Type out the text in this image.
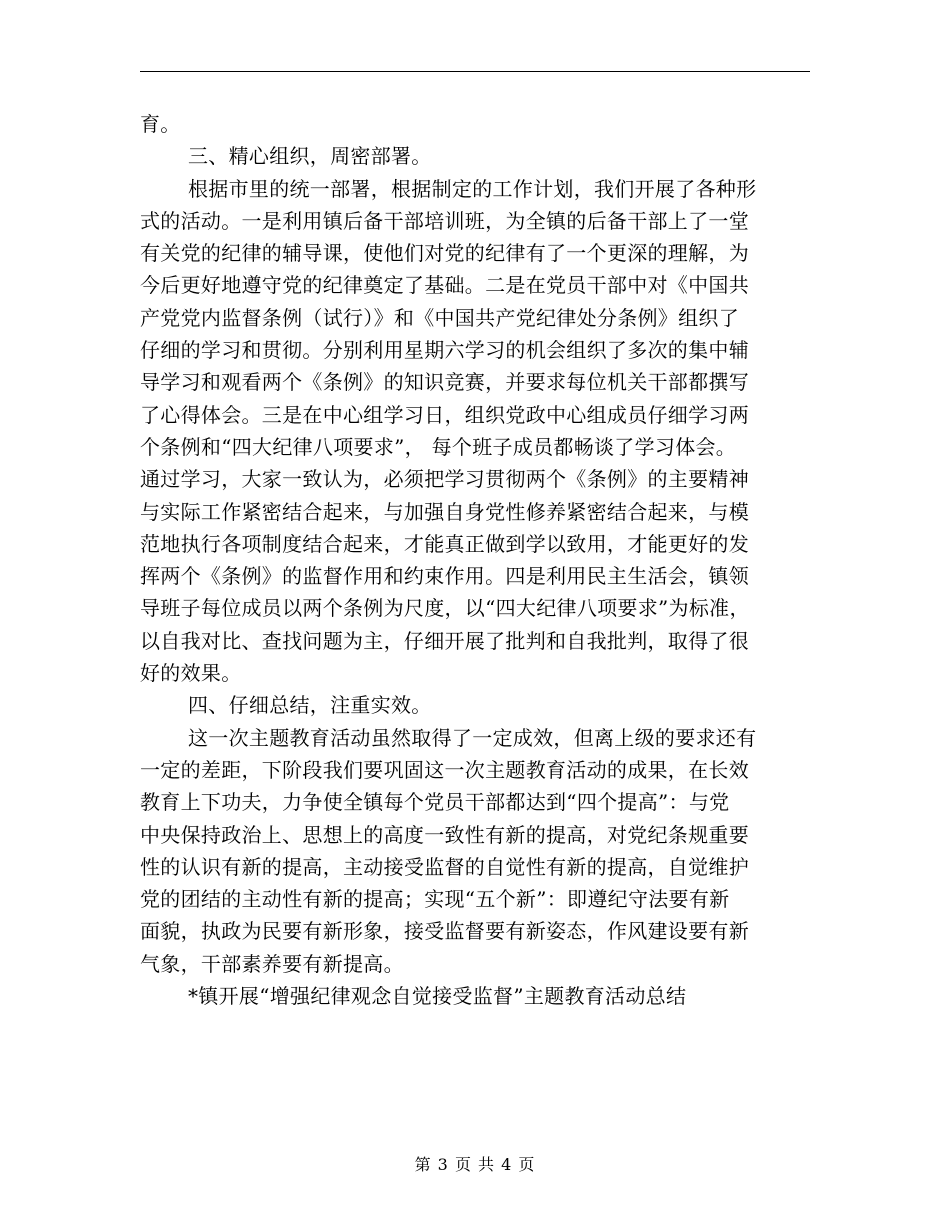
育。
三、精心组织，周密部署。
根据市里的统一部署，根据制定的工作计划，我们开展了各种形
式的活动。一是利用镇后备干部培训班，为全镇的后备干部上了一堂
有关党的纪律的辅导课，使他们对党的纪律有了一个更深的理解，为
今后更好地遵守党的纪律奠定了基础。二是在党员干部中对《中国共
产党党内监督条例（试行）》和《中国共产党纪律处分条例》组织了
仔细的学习和贯彻。分别利用星期六学习的机会组织了多次的集中辅
导学习和观看两个《条例》的知识竞赛，并要求每位机关干部都撰写
了心得体会。三是在中心组学习日，组织党政中心组成员仔细学习两
个条例和“四大纪律八项要求”， 每个班子成员都畅谈了学习体会。
通过学习，大家一致认为，必须把学习贯彻两个《条例》的主要精神
与实际工作紧密结合起来，与加强自身党性修养紧密结合起来，与模
范地执行各项制度结合起来，才能真正做到学以致用，才能更好的发
挥两个《条例》的监督作用和约束作用。四是利用民主生活会，镇领
导班子每位成员以两个条例为尺度，以“四大纪律八项要求”为标准，
以自我对比、查找问题为主，仔细开展了批判和自我批判，取得了很
好的效果。
四、仔细总结，注重实效。
这一次主题教育活动虽然取得了一定成效，但离上级的要求还有
一定的差距，下阶段我们要巩固这一次主题教育活动的成果，在长效
教育上下功夫，力争使全镇每个党员干部都达到“四个提高”：与党
中央保持政治上、思想上的高度一致性有新的提高，对党纪条规重要
性的认识有新的提高，主动接受监督的自觉性有新的提高，自觉维护
党的团结的主动性有新的提高；实现“五个新”：即遵纪守法要有新
面貌，执政为民要有新形象，接受监督要有新姿态，作风建设要有新
气象，干部素养要有新提高。
*镇开展“增强纪律观念自觉接受监督”主题教育活动总结
第 3 页 共 4 页
